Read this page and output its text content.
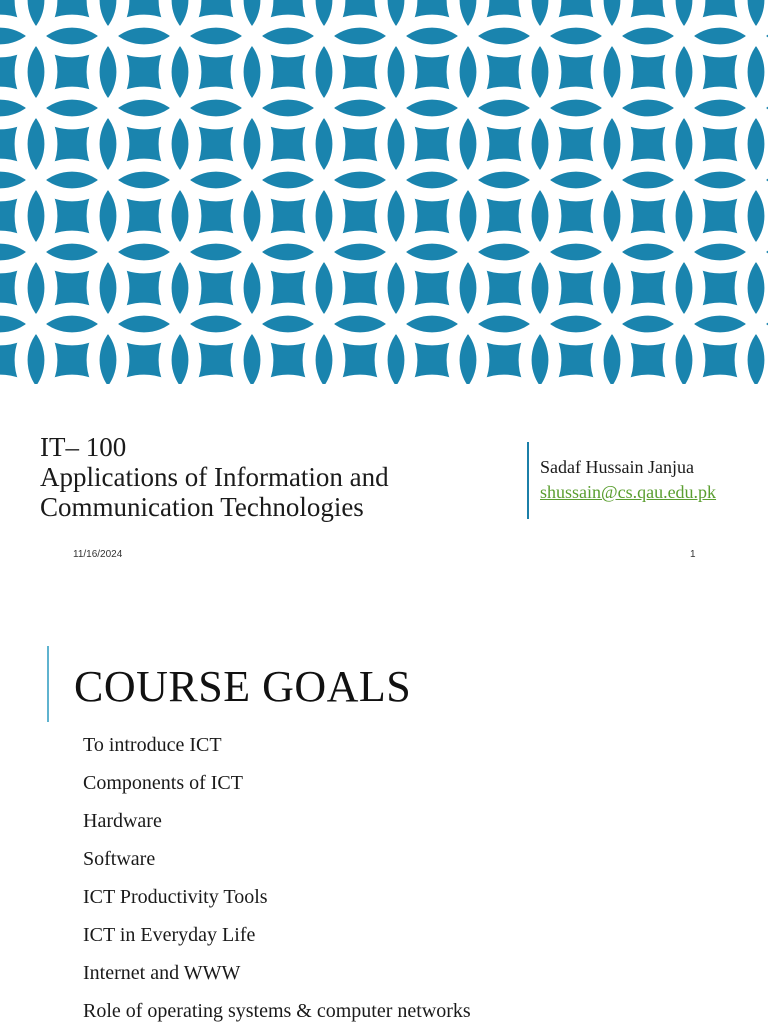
IT– 100
Applications of Information and
Communication Technologies
Sadaf Hussain Janjua
shussain@cs.qau.edu.pk
11/16/2024	1
COURSE GOALS
To introduce ICT
Components of ICT
Hardware
Software
ICT Productivity Tools
ICT in Everyday Life
Internet and WWW
Role of operating systems & computer networks
